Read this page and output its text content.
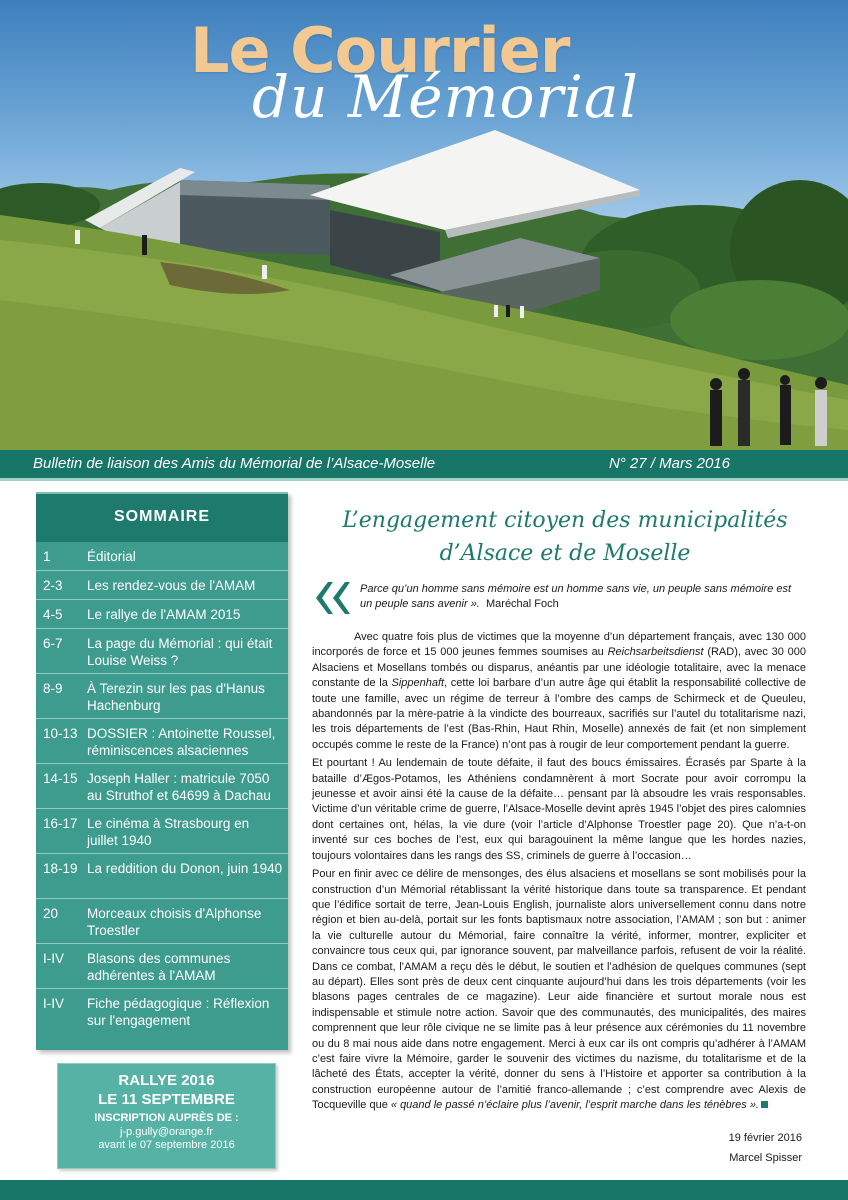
Le Courrier
du Mémorial
Bulletin de liaison des Amis du Mémorial de l’Alsace-Moselle	N° 27 / Mars 2016
SOMMAIRE
1	Éditorial
2-3	Les rendez-vous de l'AMAM
4-5	Le rallye de l'AMAM 2015
6-7	La page du Mémorial : qui était Louise Weiss ?
8-9	À Terezin sur les pas d'Hanus Hachenburg
10-13 DOSSIER : Antoinette Roussel, réminiscences alsaciennes
14-15 Joseph Haller : matricule 7050 au Struthof et 64699 à Dachau
16-17 Le cinéma à Strasbourg en juillet 1940
18-19 La reddition du Donon, juin 1940
20	Morceaux choisis d'Alphonse Troestler
I-IV	Blasons des communes adhérentes à l'AMAM
I-IV	Fiche pédagogique : Réflexion sur l'engagement
RALLYE 2016
LE 11 SEPTEMBRE
INSCRIPTION AUPRÈS DE :
j-p.gully@orange.fr
avant le 07 septembre 2016
L’engagement citoyen des municipalités
d’Alsace et de Moselle
Parce qu’un homme sans mémoire est un homme sans vie, un peuple sans mémoire est un peuple sans avenir ». Maréchal Foch

Avec quatre fois plus de victimes que la moyenne d’un département français, avec 130 000 incorporés de force et 15 000 jeunes femmes soumises au Reichsarbeitsdienst (RAD), avec 30 000 Alsaciens et Mosellans tombés ou disparus, anéantis par une idéologie totalitaire, avec la menace constante de la Sippenhaft, cette loi barbare d’un autre âge qui établit la responsabilité collective de toute une famille, avec un régime de terreur à l’ombre des camps de Schirmeck et de Queuleu, abandonnés par la mère-patrie à la vindicte des bourreaux, sacrifiés sur l’autel du totalitarisme nazi, les trois départements de l’est (Bas-Rhin, Haut Rhin, Moselle) annexés de fait (et non simplement occupés comme le reste de la France) n’ont pas à rougir de leur comportement pendant la guerre.

Et pourtant ! Au lendemain de toute défaite, il faut des boucs émissaires. Écrasés par Sparte à la bataille d’Ægos-Potamos, les Athéniens condamnèrent à mort Socrate pour avoir corrompu la jeunesse et avoir ainsi été la cause de la défaite… pensant par là absoudre les vrais responsables. Victime d’un véritable crime de guerre, l’Alsace-Moselle devint après 1945 l’objet des pires calomnies dont certaines ont, hélas, la vie dure (voir l’article d’Alphonse Troestler page 20). Que n’a-t-on inventé sur ces boches de l’est, eux qui baragouinent la même langue que les hordes nazies, toujours volontaires dans les rangs des SS, criminels de guerre à l’occasion…

Pour en finir avec ce délire de mensonges, des élus alsaciens et mosellans se sont mobilisés pour la construction d’un Mémorial rétablissant la vérité historique dans toute sa transparence. Et pendant que l’édifice sortait de terre, Jean-Louis English, journaliste alors universellement connu dans notre région et bien au-delà, portait sur les fonts baptismaux notre association, l’AMAM ; son but : animer la vie culturelle autour du Mémorial, faire connaître la vérité, informer, montrer, expliciter et convaincre tous ceux qui, par ignorance souvent, par malveillance parfois, refusent de voir la réalité. Dans ce combat, l’AMAM a reçu dès le début, le soutien et l’adhésion de quelques communes (sept au départ). Elles sont près de deux cent cinquante aujourd’hui dans les trois départements (voir les blasons pages centrales de ce magazine). Leur aide financière et surtout morale nous est indispensable et stimule notre action. Savoir que des communautés, des municipalités, des maires comprennent que leur rôle civique ne se limite pas à leur présence aux cérémonies du 11 novembre ou du 8 mai nous aide dans notre engagement. Merci à eux car ils ont compris qu’adhérer à l’AMAM c’est faire vivre la Mémoire, garder le souvenir des victimes du nazisme, du totalitarisme et de la lâcheté des États, accepter la vérité, donner du sens à l’Histoire et apporter sa contribution à la construction européenne autour de l’amitié franco-allemande ; c’est comprendre avec Alexis de Tocqueville que « quand le passé n’éclaire plus l’avenir, l’esprit marche dans les ténèbres ».

19 février 2016
Marcel Spisser
